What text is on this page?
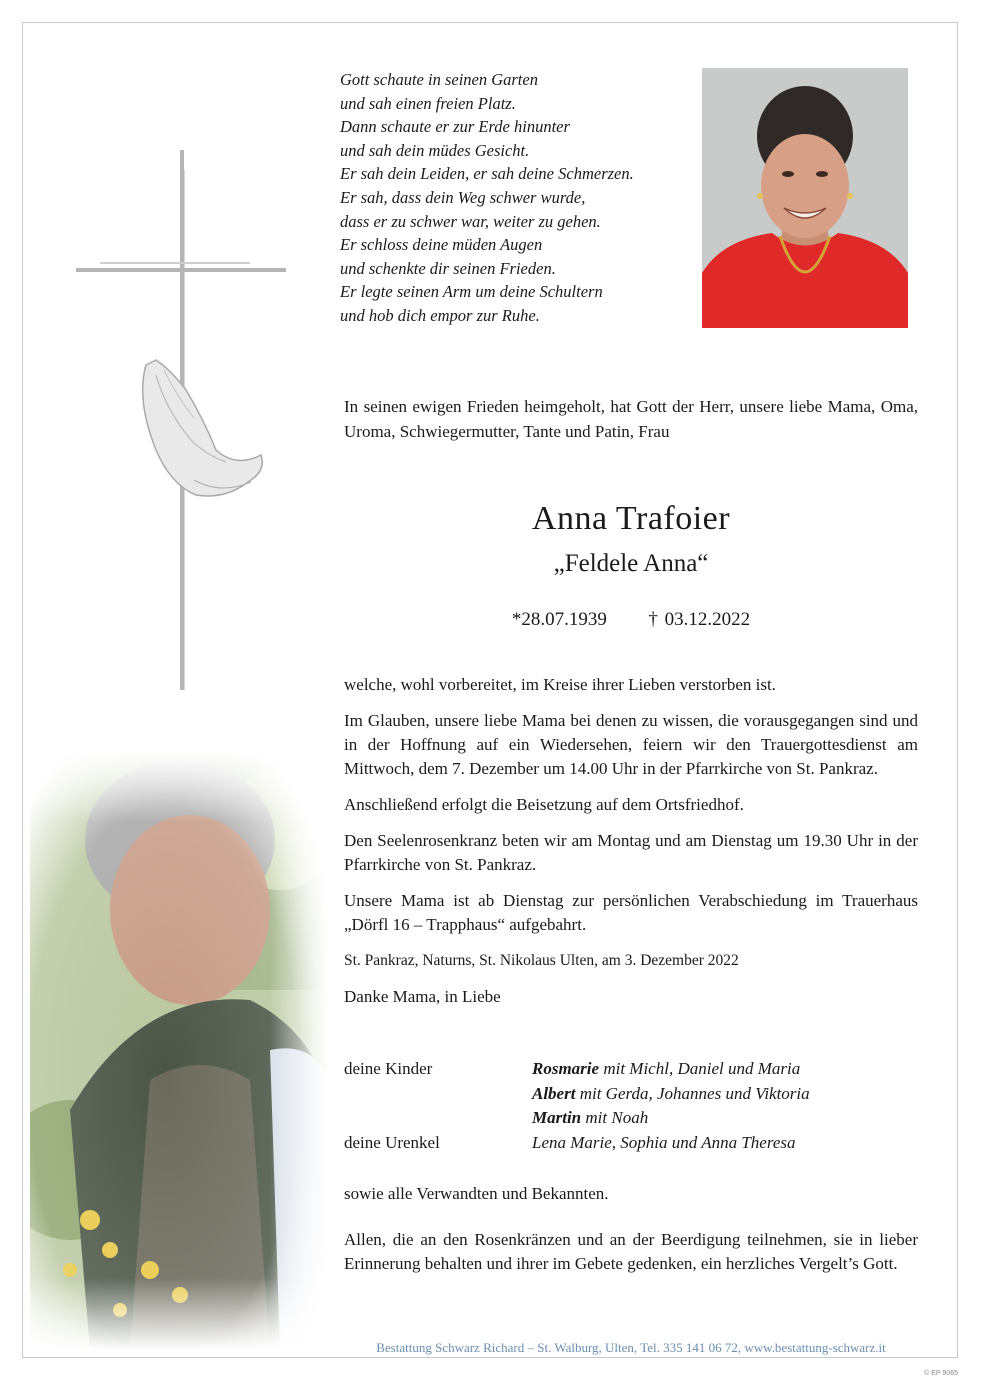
Gott schaute in seinen Garten
und sah einen freien Platz.
Dann schaute er zur Erde hinunter
und sah dein müdes Gesicht.
Er sah dein Leiden, er sah deine Schmerzen.
Er sah, dass dein Weg schwer wurde,
dass er zu schwer war, weiter zu gehen.
Er schloss deine müden Augen
und schenkte dir seinen Frieden.
Er legte seinen Arm um deine Schultern
und hob dich empor zur Ruhe.
In seinen ewigen Frieden heimgeholt, hat Gott der Herr, unsere liebe Mama, Oma, Uroma, Schwiegermutter, Tante und Patin, Frau
Anna Trafoier
„Feldele Anna“
*28.07.1939 † 03.12.2022

welche, wohl vorbereitet, im Kreise ihrer Lieben verstorben ist.

Im Glauben, unsere liebe Mama bei denen zu wissen, die vorausgegangen sind und in der Hoffnung auf ein Wiedersehen, feiern wir den Trauergottesdienst am Mittwoch, dem 7. Dezember um 14.00 Uhr in der Pfarrkirche von St. Pankraz.

Anschließend erfolgt die Beisetzung auf dem Ortsfriedhof.

Den Seelenrosenkranz beten wir am Montag und am Dienstag um 19.30 Uhr in der Pfarrkirche von St. Pankraz.

Unsere Mama ist ab Dienstag zur persönlichen Verabschiedung im Trauerhaus „Dörfl 16 – Trapphaus“ aufgebahrt.

St. Pankraz, Naturns, St. Nikolaus Ulten, am 3. Dezember 2022

Danke Mama, in Liebe

deine Kinder	Rosmarie mit Michl, Daniel und Maria
Albert mit Gerda, Johannes und Viktoria
Martin mit Noah
deine Urenkel	Lena Marie, Sophia und Anna Theresa

sowie alle Verwandten und Bekannten.

Allen, die an den Rosenkränzen und an der Beerdigung teilnehmen, sie in lieber Erinnerung behalten und ihrer im Gebete gedenken, ein herzliches Vergelt’s Gott.

Bestattung Schwarz Richard – St. Walburg, Ulten, Tel. 335 141 06 72, www.bestattung-schwarz.it
© EP 9065
